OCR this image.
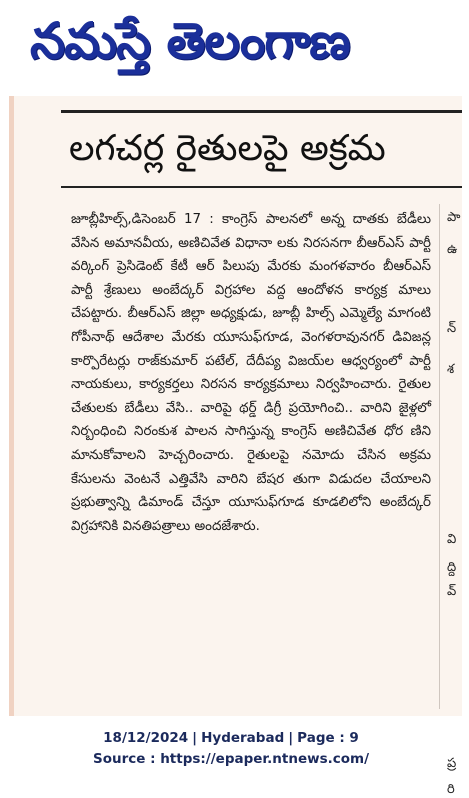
నమస్తే తెలంగాణ
లగచర్ల రైతులపై అక్రమ
జూబ్లీహిల్స్,డిసెంబర్ 17 : కాంగ్రెస్ పాలనలో అన్న దాతకు బేడీలు వేసిన అమానవీయ, అణిచివేత విధానా లకు నిరసనగా బీఆర్ఎస్ పార్టీ వర్కింగ్ ప్రెసిడెంట్ కేటీ ఆర్ పిలుపు మేరకు మంగళవారం బీఆర్ఎస్ పార్టీ శ్రేణులు అంబేద్కర్ విగ్రహాల వద్ద ఆందోళన కార్యక్ర మాలు చేపట్టారు. బీఆర్ఎస్ జిల్లా అధ్యక్షుడు, జూబ్లీ హిల్స్ ఎమ్మెల్యే మాగంటి గోపీనాథ్ ఆదేశాల మేరకు యూసుఫ్‌గూడ, వెంగళరావునగర్ డివిజన్ల కార్పొరేటర్లు రాజ్‌కుమార్ పటేల్, దేదీప్య విజయ్‌ల ఆధ్వర్యంలో పార్టీ నాయకులు, కార్యకర్తలు నిరసన కార్యక్రమాలు నిర్వహించారు. రైతుల చేతులకు బేడీలు వేసి.. వారిపై థర్డ్ డిగ్రీ ప్రయోగించి.. వారిని జైళ్లలో నిర్బంధించి నిరంకుశ పాలన సాగిస్తున్న కాంగ్రెస్ అణిచివేత ధోర ణిని మానుకోవాలని హెచ్చరించారు. రైతులపై నమోదు చేసిన అక్రమ కేసులను వెంటనే ఎత్తివేసి వారిని బేషర తుగా విడుదల చేయాలని ప్రభుత్వాన్ని డిమాండ్ చేస్తూ యూసుఫ్‌గూడ కూడలిలోని అంబేద్కర్ విగ్రహానికి వినతిపత్రాలు అందజేశారు.
పా
ఉ
న్
శ
వి
ద్ది
వ్
ప్ర
రి
18/12/2024 | Hyderabad | Page : 9
Source : https://epaper.ntnews.com/
